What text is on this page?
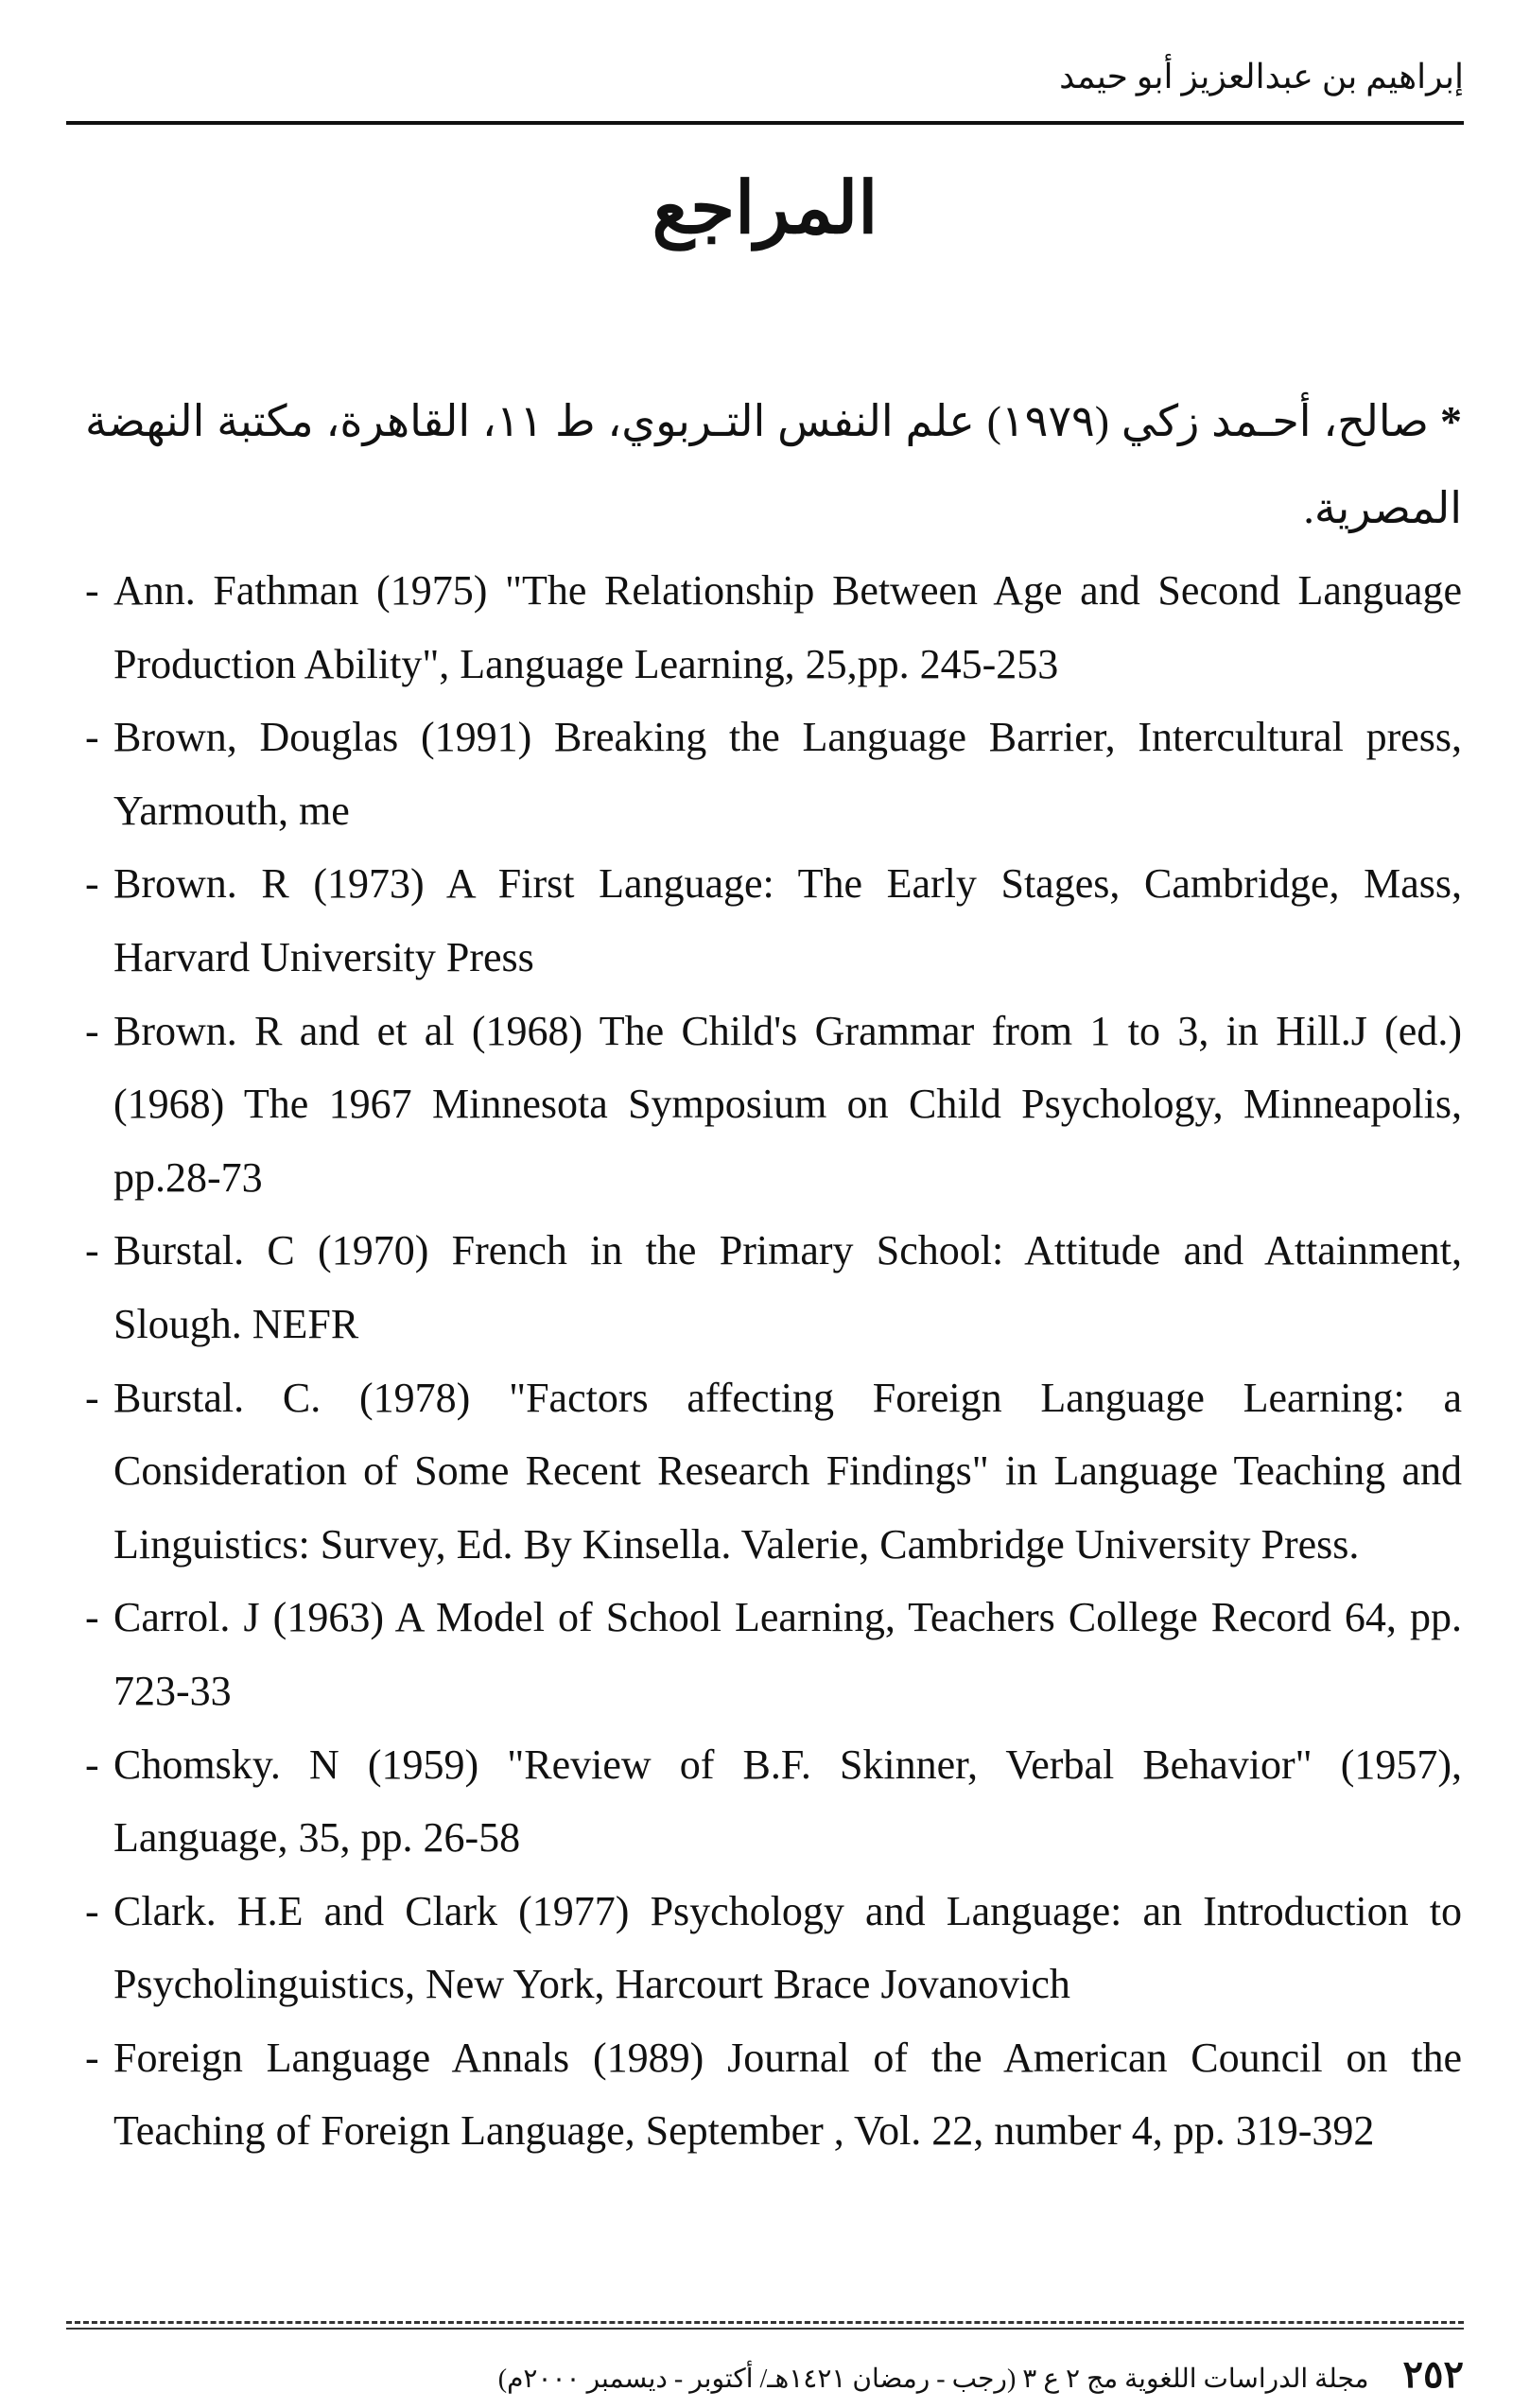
إبراهيم بن عبدالعزيز أبو حيمد
المراجع
*صالح، أحـمد زكي (١٩٧٩) علم النفس التـربوي، ط ١١، القاهرة، مكتبة النهضة المصرية.
- Ann. Fathman (1975) "The Relationship Between Age and Second Language Production Ability", Language Learning, 25,pp. 245-253
- Brown, Douglas (1991) Breaking the Language Barrier, Intercultural press, Yarmouth, me
- Brown. R (1973) A First Language: The Early Stages, Cambridge, Mass, Harvard University Press
- Brown. R and et al (1968) The Child's Grammar from 1 to 3, in Hill.J (ed.) (1968) The 1967 Minnesota Symposium on Child Psychology, Minneapolis, pp.28-73
- Burstal. C (1970) French in the Primary School: Attitude and Attainment, Slough. NEFR
- Burstal. C. (1978) "Factors affecting Foreign Language Learning: a Consideration of Some Recent Research Findings" in Language Teaching and Linguistics: Survey, Ed. By Kinsella. Valerie, Cambridge University Press.
- Carrol. J (1963) A Model of School Learning, Teachers College Record 64, pp. 723-33
- Chomsky. N (1959) "Review of B.F. Skinner, Verbal Behavior" (1957), Language, 35, pp. 26-58
- Clark. H.E and Clark (1977) Psychology and Language: an Introduction to Psycholinguistics, New York, Harcourt Brace Jovanovich
- Foreign Language Annals (1989) Journal of the American Council on the Teaching of Foreign Language, September , Vol. 22, number 4, pp. 319-392
٢٥٢
مجلة الدراسات اللغوية مج ٢ ع ٣ (رجب - رمضان ١٤٢١هـ/ أكتوبر - ديسمبر ٢٠٠٠م)
